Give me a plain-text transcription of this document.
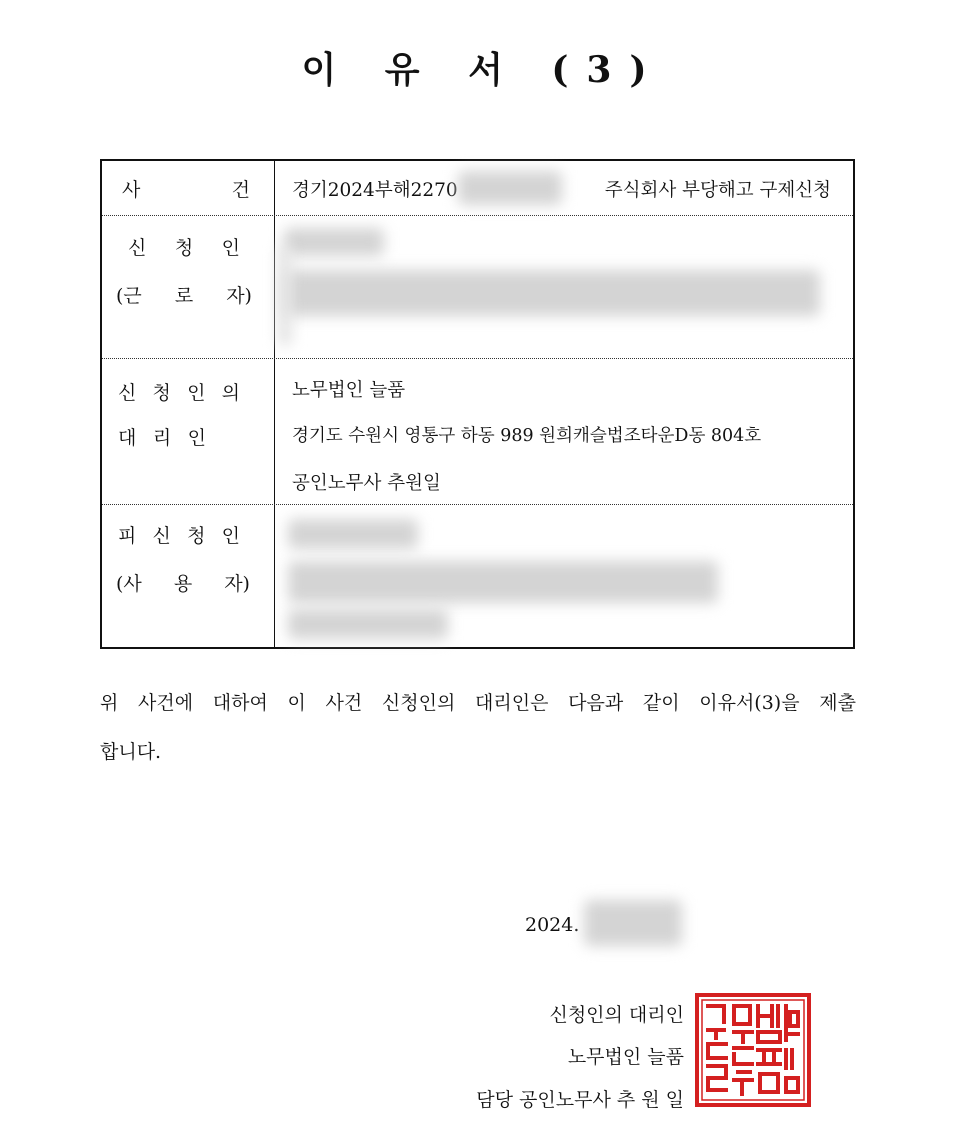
이 유 서 (3)
사	건 경기2024부해2270	주식회사 부당해고 구제신청
신 청 인
(근 로 자)
신 청 인 의
대 리 인
노무법인 늘품
경기도 수원시 영통구 하동 989 원희캐슬법조타운D동 804호
공인노무사 추원일
피 신 청 인
(사 용 자)
위 사건에 대하여 이 사건 신청인의 대리인은 다음과 같이 이유서(3)을 제출
합니다.
2024.
신청인의 대리인
노무법인 늘품
담당 공인노무사 추 원 일
